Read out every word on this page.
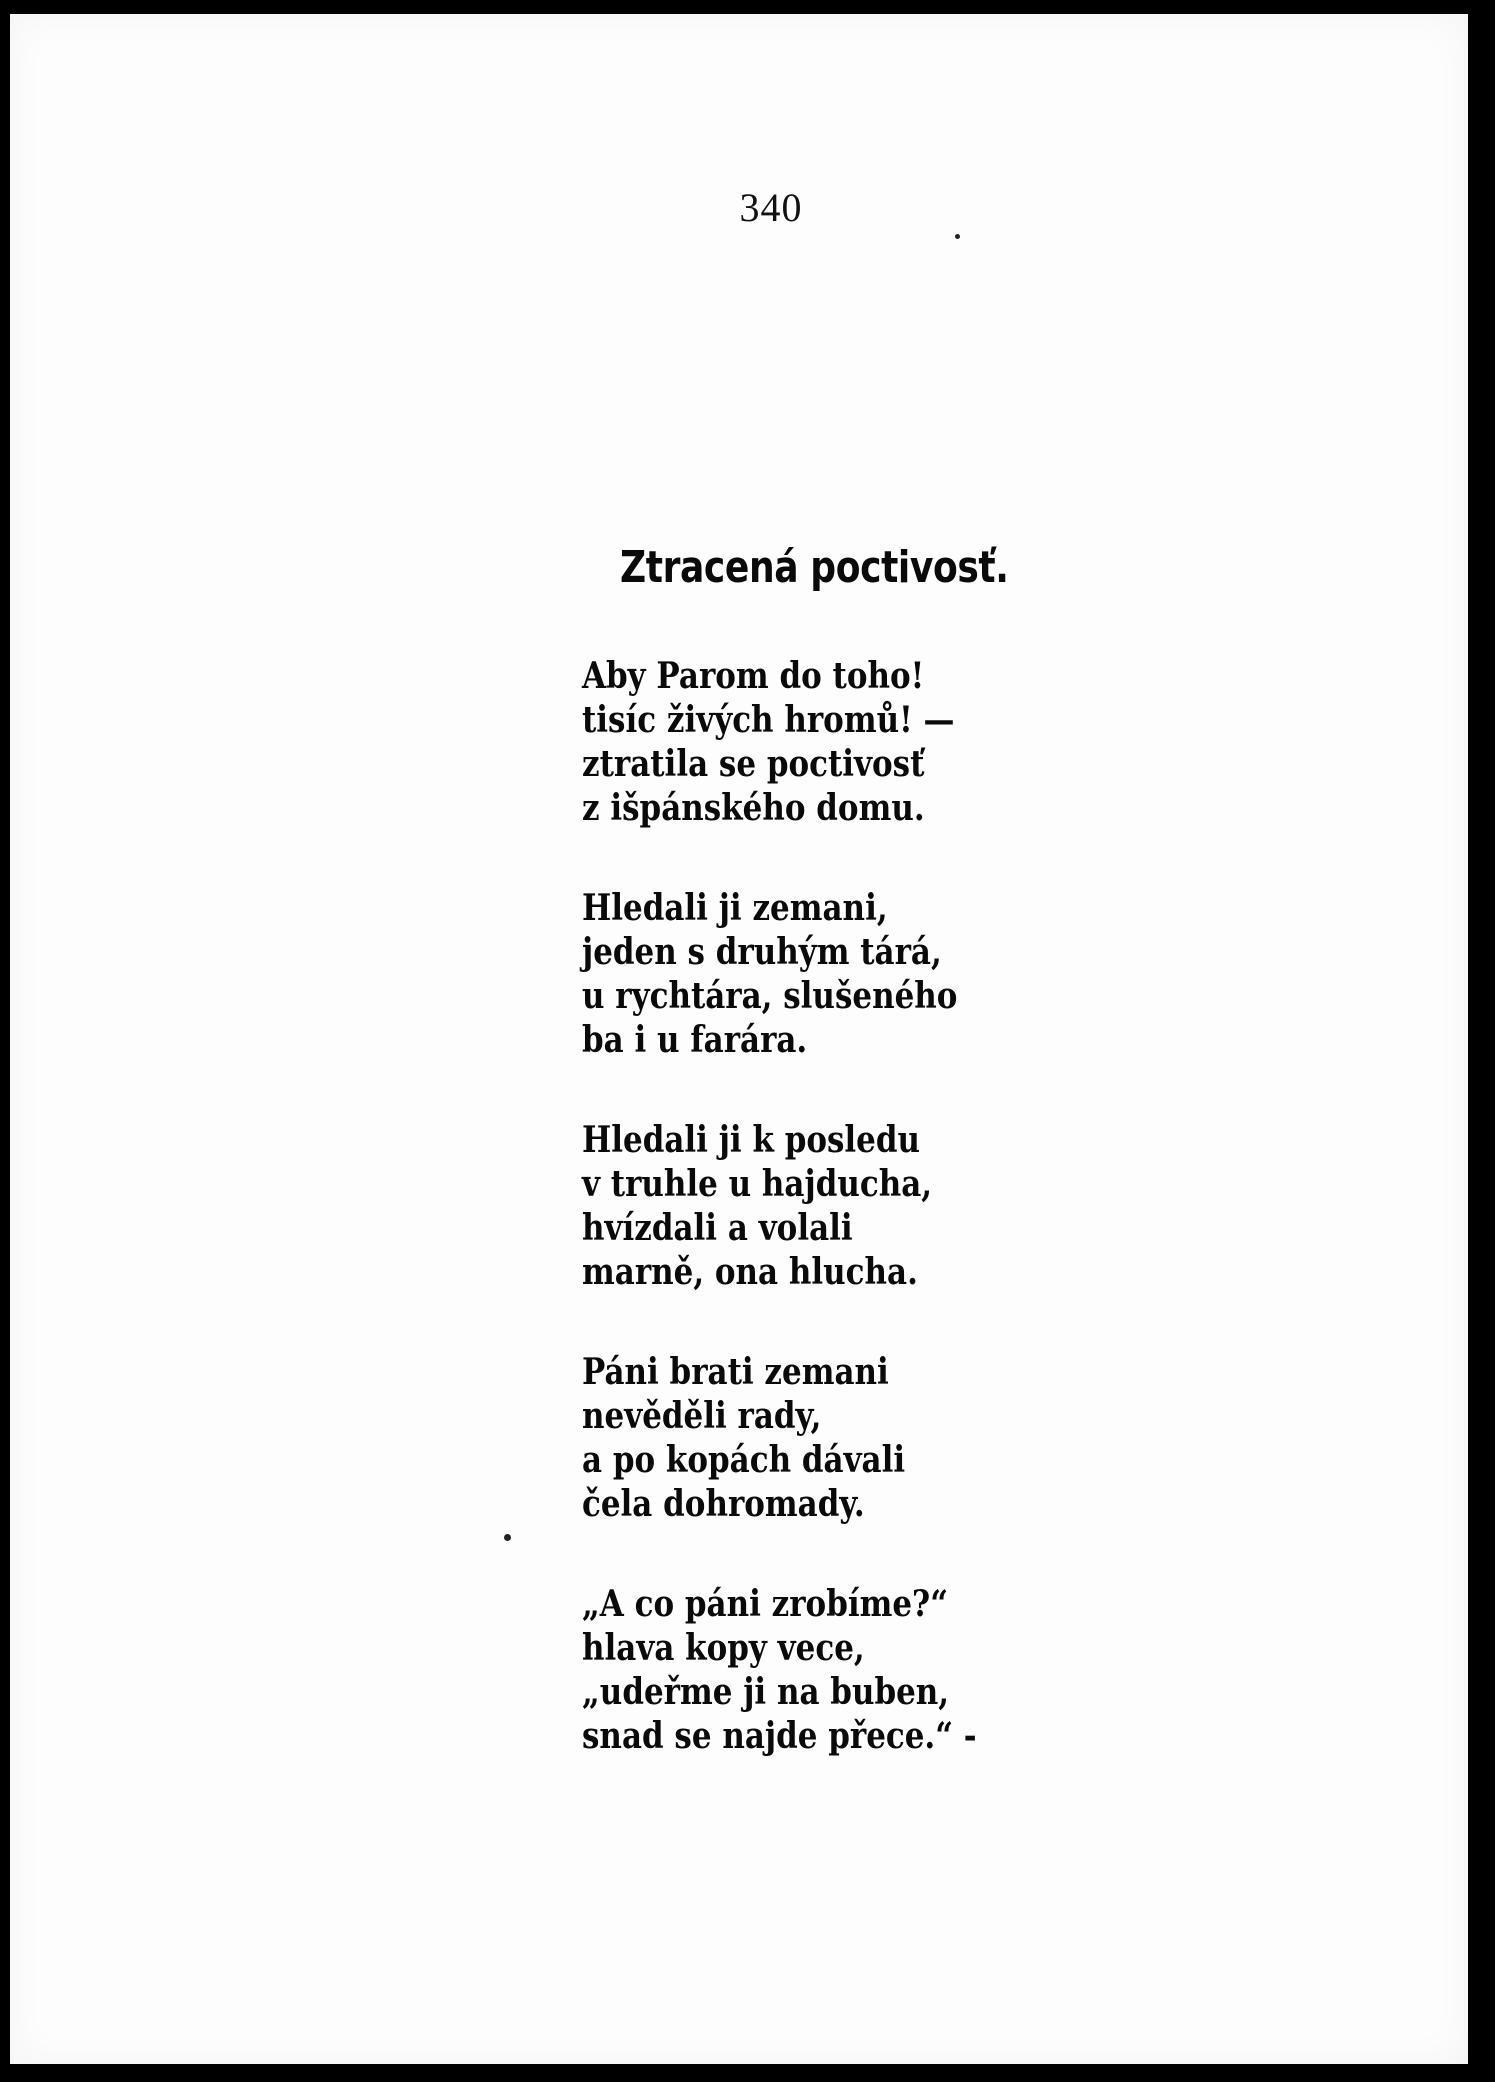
340
Ztracená poctivosť.
Aby Parom do toho!
tisíc živých hromů! —
ztratila se poctivosť
z išpánského domu.
Hledali ji zemani,
jeden s druhým tárá,
u rychtára, slušeného
ba i u farára.
Hledali ji k posledu
v truhle u hajducha,
hvízdali a volali
marně, ona hlucha.
Páni brati zemani
nevěděli rady,
a po kopách dávali
čela dohromady.
„A co páni zrobíme?“
hlava kopy vece,
„udeřme ji na buben,
snad se najde přece.“ -
